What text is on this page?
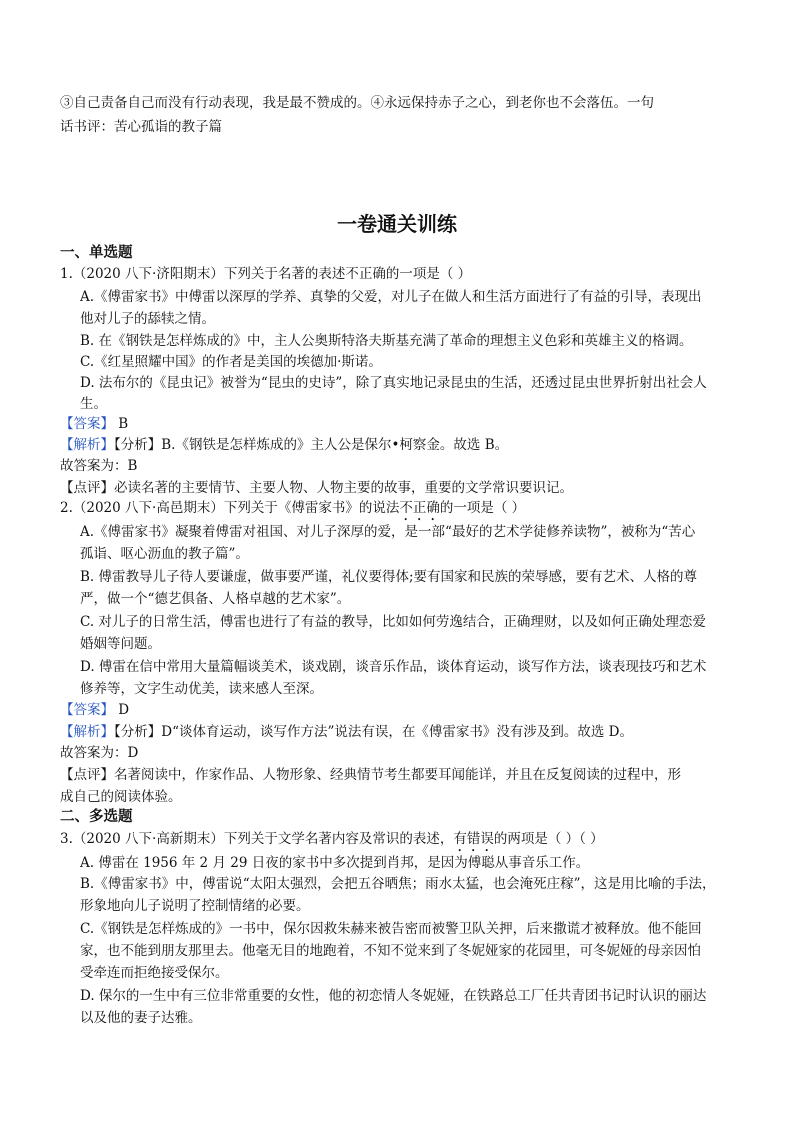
③自己责备自己而没有行动表现，我是最不赞成的。④永远保持赤子之心，到老你也不会落伍。一句
话书评：苦心孤诣的教子篇
一卷通关训练
一、单选题
1.（2020 八下·济阳期末）下列关于名著的表述不正确的一项是（ ）
A.《傅雷家书》中傅雷以深厚的学养、真挚的父爱，对儿子在做人和生活方面进行了有益的引导，表现出
他对儿子的舔犊之情。
B. 在《钢铁是怎样炼成的》中，主人公奥斯特洛夫斯基充满了革命的理想主义色彩和英雄主义的格调。
C.《红星照耀中国》的作者是美国的埃德加·斯诺。
D. 法布尔的《昆虫记》被誉为“昆虫的史诗”，除了真实地记录昆虫的生活，还透过昆虫世界折射出社会人
生。
【答案】 B
【解析】【分析】B.《钢铁是怎样炼成的》主人公是保尔•柯察金。故选 B。
故答案为：B
【点评】必读名著的主要情节、主要人物、人物主要的故事，重要的文学常识要识记。
2.（2020 八下·高邑期末）下列关于《傅雷家书》的说法不正确的一项是（ ）
A.《傅雷家书》凝聚着傅雷对祖国、对儿子深厚的爱，是一部“最好的艺术学徒修养读物”，被称为“苦心
孤诣、呕心沥血的教子篇”。
B. 傅雷教导儿子待人要谦虚，做事要严谨，礼仪要得体;要有国家和民族的荣辱感，要有艺术、人格的尊
严，做一个“德艺俱备、人格卓越的艺术家”。
C. 对儿子的日常生活，傅雷也进行了有益的教导，比如如何劳逸结合，正确理财，以及如何正确处理恋爱
婚姻等问题。
D. 傅雷在信中常用大量篇幅谈美术，谈戏剧，谈音乐作品，谈体育运动，谈写作方法，谈表现技巧和艺术
修养等，文字生动优美，读来感人至深。
【答案】 D
【解析】【分析】D“谈体育运动，谈写作方法”说法有误，在《傅雷家书》没有涉及到。故选 D。
故答案为：D
【点评】名著阅读中，作家作品、人物形象、经典情节考生都要耳闻能详，并且在反复阅读的过程中，形
成自己的阅读体验。
二、多选题
3.（2020 八下·高新期末）下列关于文学名著内容及常识的表述，有错误的两项是（ ）（ ）
A. 傅雷在 1956 年 2 月 29 日夜的家书中多次提到肖邦，是因为傅聪从事音乐工作。
B.《傅雷家书》中，傅雷说“太阳太强烈，会把五谷晒焦；雨水太猛，也会淹死庄稼”，这是用比喻的手法，
形象地向儿子说明了控制情绪的必要。
C.《钢铁是怎样炼成的》一书中，保尔因救朱赫来被告密而被警卫队关押，后来撒谎才被释放。他不能回
家，也不能到朋友那里去。他毫无目的地跑着，不知不觉来到了冬妮娅家的花园里，可冬妮娅的母亲因怕
受牵连而拒绝接受保尔。
D. 保尔的一生中有三位非常重要的女性，他的初恋情人冬妮娅，在铁路总工厂任共青团书记时认识的丽达
以及他的妻子达雅。
